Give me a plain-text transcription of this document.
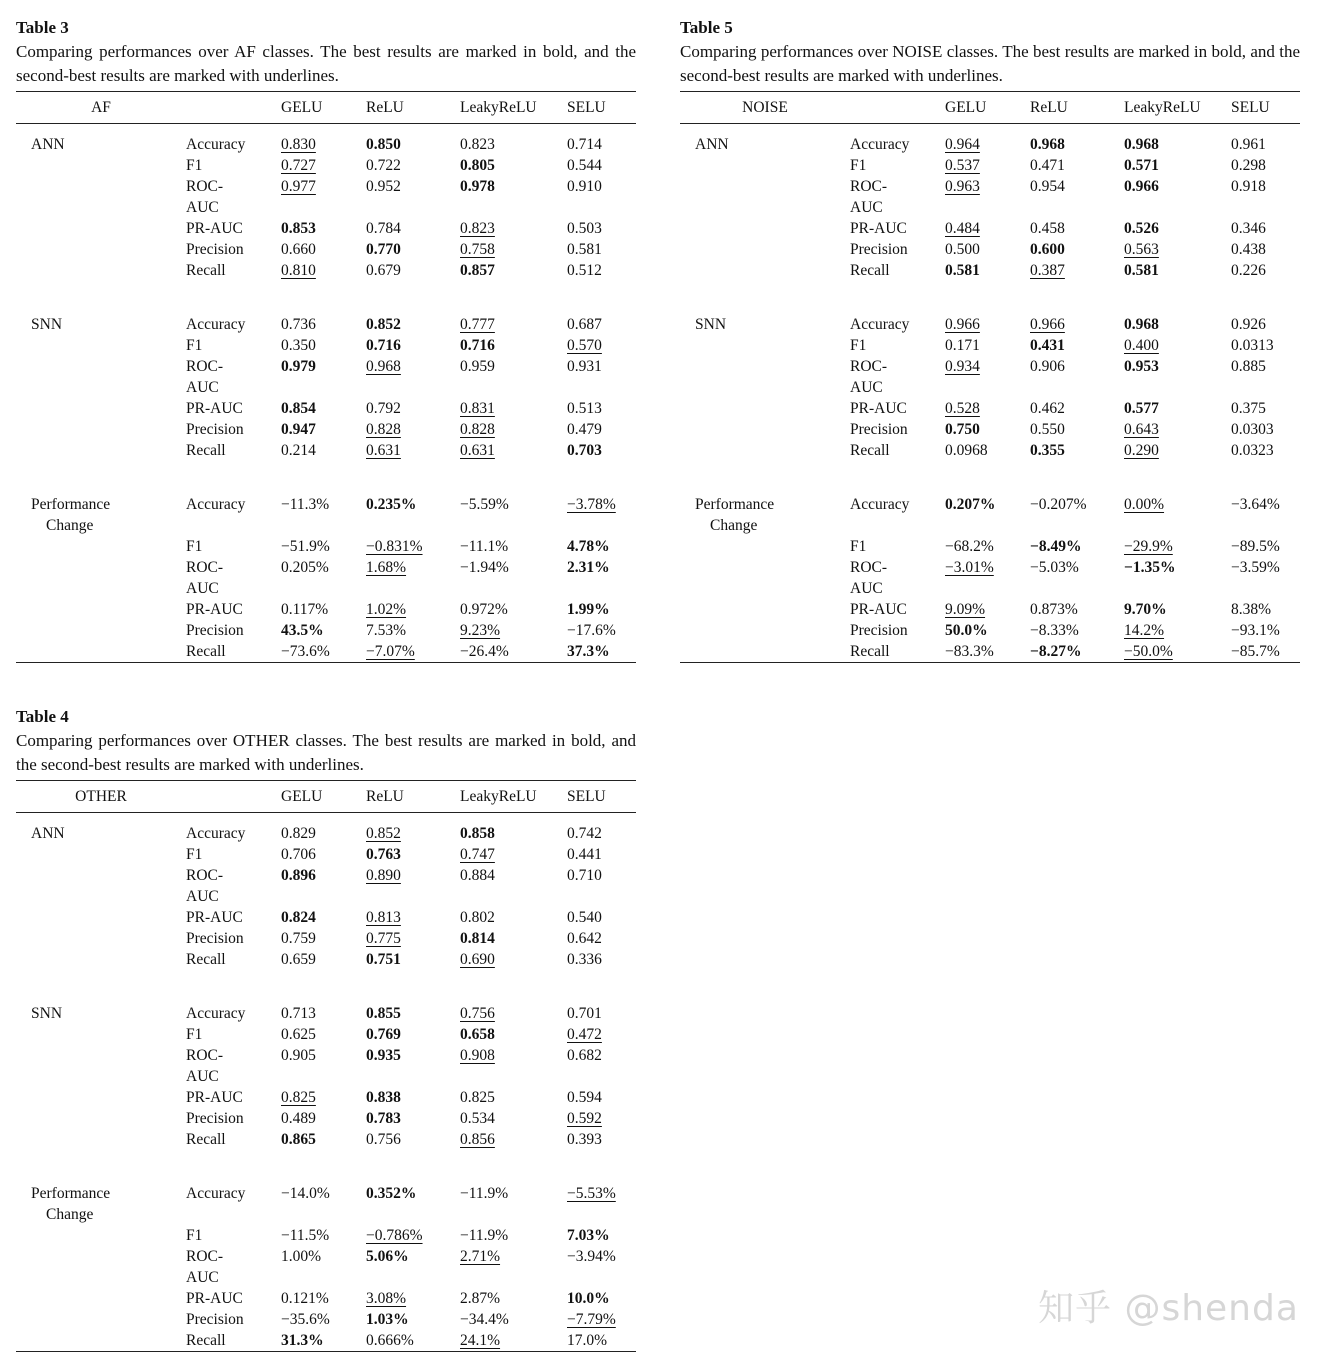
Table 3
Comparing performances over AF classes. The best results are marked in bold, and the second-best results are marked with underlines.
AF		GELU	ReLU	LeakyReLU	SELU

ANN	Accuracy	0.830	0.850	0.823	0.714

	F1	0.727	0.722	0.805	0.544

	ROC-
AUC	0.977	0.952	0.978	0.910

	PR-AUC	0.853	0.784	0.823	0.503

	Precision	0.660	0.770	0.758	0.581

	Recall	0.810	0.679	0.857	0.512

SNN	Accuracy	0.736	0.852	0.777	0.687

	F1	0.350	0.716	0.716	0.570

	ROC-
AUC	0.979	0.968	0.959	0.931

	PR-AUC	0.854	0.792	0.831	0.513

	Precision	0.947	0.828	0.828	0.479

	Recall	0.214	0.631	0.631	0.703

Performance
Change	Accuracy	−11.3%	0.235%	−5.59%	−3.78%

	F1	−51.9%	−0.831%	−11.1%	4.78%

	ROC-
AUC	0.205%	1.68%	−1.94%	2.31%

	PR-AUC	0.117%	1.02%	0.972%	1.99%

	Precision	43.5%	7.53%	9.23%	−17.6%

	Recall	−73.6%	−7.07%	−26.4%	37.3%
Table 5
Comparing performances over NOISE classes. The best results are marked in bold, and the second-best results are marked with underlines.
NOISE		GELU	ReLU	LeakyReLU	SELU

ANN	Accuracy	0.964	0.968	0.968	0.961

	F1	0.537	0.471	0.571	0.298

	ROC-
AUC	0.963	0.954	0.966	0.918

	PR-AUC	0.484	0.458	0.526	0.346

	Precision	0.500	0.600	0.563	0.438

	Recall	0.581	0.387	0.581	0.226

SNN	Accuracy	0.966	0.966	0.968	0.926

	F1	0.171	0.431	0.400	0.0313

	ROC-
AUC	0.934	0.906	0.953	0.885

	PR-AUC	0.528	0.462	0.577	0.375

	Precision	0.750	0.550	0.643	0.0303

	Recall	0.0968	0.355	0.290	0.0323

Performance
Change	Accuracy	0.207%	−0.207%	0.00%	−3.64%

	F1	−68.2%	−8.49%	−29.9%	−89.5%

	ROC-
AUC	−3.01%	−5.03%	−1.35%	−3.59%

	PR-AUC	9.09%	0.873%	9.70%	8.38%

	Precision	50.0%	−8.33%	14.2%	−93.1%

	Recall	−83.3%	−8.27%	−50.0%	−85.7%
Table 4
Comparing performances over OTHER classes. The best results are marked in bold, and the second-best results are marked with underlines.
OTHER		GELU	ReLU	LeakyReLU	SELU

ANN	Accuracy	0.829	0.852	0.858	0.742

	F1	0.706	0.763	0.747	0.441

	ROC-
AUC	0.896	0.890	0.884	0.710

	PR-AUC	0.824	0.813	0.802	0.540

	Precision	0.759	0.775	0.814	0.642

	Recall	0.659	0.751	0.690	0.336

SNN	Accuracy	0.713	0.855	0.756	0.701

	F1	0.625	0.769	0.658	0.472

	ROC-
AUC	0.905	0.935	0.908	0.682

	PR-AUC	0.825	0.838	0.825	0.594

	Precision	0.489	0.783	0.534	0.592

	Recall	0.865	0.756	0.856	0.393

Performance
Change	Accuracy	−14.0%	0.352%	−11.9%	−5.53%

	F1	−11.5%	−0.786%	−11.9%	7.03%

	ROC-
AUC	1.00%	5.06%	2.71%	−3.94%

	PR-AUC	0.121%	3.08%	2.87%	10.0%

	Precision	−35.6%	1.03%	−34.4%	−7.79%

	Recall	31.3%	0.666%	24.1%	17.0%
知乎 @shenda
